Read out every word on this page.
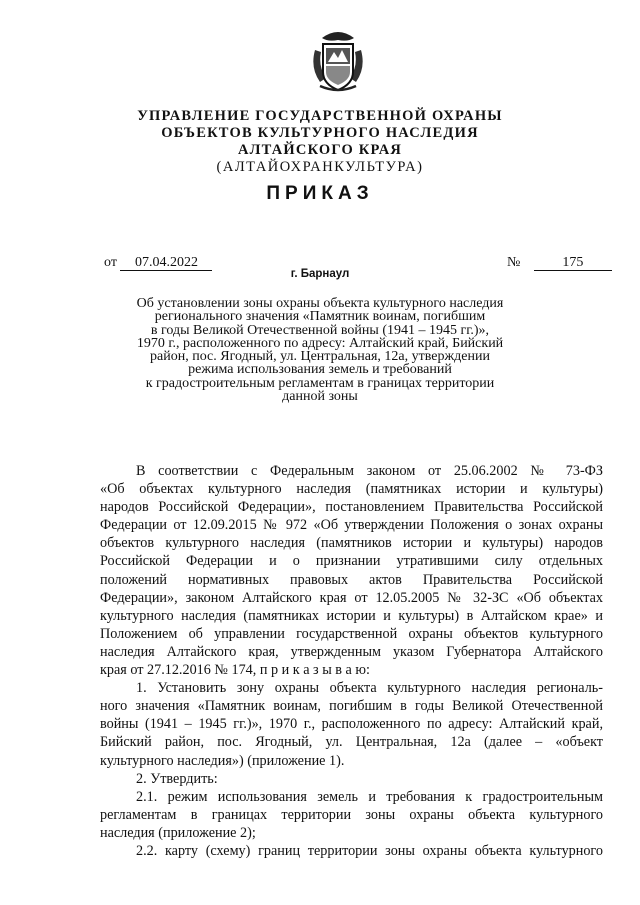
УПРАВЛЕНИЕ ГОСУДАРСТВЕННОЙ ОХРАНЫ
ОБЪЕКТОВ КУЛЬТУРНОГО НАСЛЕДИЯ
АЛТАЙСКОГО КРАЯ
(АЛТАЙОХРАНКУЛЬТУРА)
ПРИКАЗ
от 07.04.2022	№	175
г. Барнаул
Об установлении зоны охраны объекта культурного наследия
регионального значения «Памятник воинам, погибшим
в годы Великой Отечественной войны (1941 – 1945 гг.)»,
1970 г., расположенного по адресу: Алтайский край, Бийский
район, пос. Ягодный, ул. Центральная, 12а, утверждении
режима использования земель и требований
к градостроительным регламентам в границах территории
данной зоны
В соответствии с Федеральным законом от 25.06.2002 № 73-ФЗ
«Об объектах культурного наследия (памятниках истории и культуры)
народов Российской Федерации», постановлением Правительства Российской
Федерации от 12.09.2015 № 972 «Об утверждении Положения о зонах охраны
объектов культурного наследия (памятников истории и культуры) народов
Российской Федерации и о признании утратившими силу отдельных
положений нормативных правовых актов Правительства Российской
Федерации», законом Алтайского края от 12.05.2005 № 32-ЗС «Об объектах
культурного наследия (памятниках истории и культуры) в Алтайском крае» и
Положением об управлении государственной охраны объектов культурного
наследия Алтайского края, утвержденным указом Губернатора Алтайского
края от 27.12.2016 № 174, п р и к а з ы в а ю:
1. Установить зону охраны объекта культурного наследия региональ-
ного значения «Памятник воинам, погибшим в годы Великой Отечественной
войны (1941 – 1945 гг.)», 1970 г., расположенного по адресу: Алтайский край,
Бийский район, пос. Ягодный, ул. Центральная, 12а (далее – «объект
культурного наследия») (приложение 1).
2. Утвердить:
2.1. режим использования земель и требования к градостроительным
регламентам в границах территории зоны охраны объекта культурного
наследия (приложение 2);
2.2. карту (схему) границ территории зоны охраны объекта культурного
